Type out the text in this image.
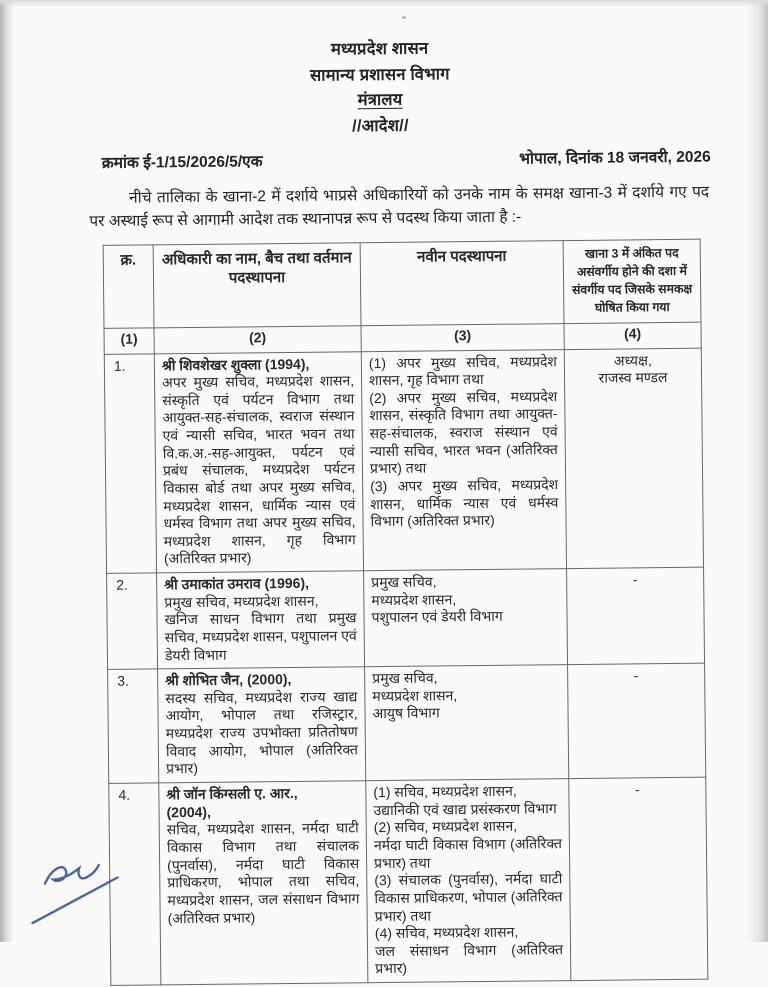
मध्यप्रदेश शासन
सामान्य प्रशासन विभाग
मंत्रालय
//आदेश//
क्रमांक ई-1/15/2026/5/एक	भोपाल, दिनांक 18 जनवरी, 2026
नीचे तालिका के खाना-2 में दर्शाये भाप्रसे अधिकारियों को उनके नाम के समक्ष खाना-3 में दर्शाये गए पद पर अस्थाई रूप से आगामी आदेश तक स्थानापन्न रूप से पदस्थ किया जाता है :-
क्र.	अधिकारी का नाम, बैच तथा वर्तमान पदस्थापना	नवीन पदस्थापना	खाना 3 में अंकित पद असंवर्गीय होने की दशा में संवर्गीय पद जिसके समकक्ष घोषित किया गया
(1)	(2)	(3)	(4)
1.	श्री शिवशेखर शुक्ला (1994),
अपर मुख्य सचिव, मध्यप्रदेश शासन, संस्कृति एवं पर्यटन विभाग तथा आयुक्त-सह-संचालक, स्वराज संस्थान एवं न्यासी सचिव, भारत भवन तथा वि.क.अ.-सह-आयुक्त, पर्यटन एवं प्रबंध संचालक, मध्यप्रदेश पर्यटन विकास बोर्ड तथा अपर मुख्य सचिव, मध्यप्रदेश शासन, धार्मिक न्यास एवं धर्मस्व विभाग तथा अपर मुख्य सचिव, मध्यप्रदेश शासन, गृह विभाग (अतिरिक्त प्रभार)
	(1) अपर मुख्य सचिव, मध्यप्रदेश शासन, गृह विभाग तथा
(2) अपर मुख्य सचिव, मध्यप्रदेश शासन, संस्कृति विभाग तथा आयुक्त-सह-संचालक, स्वराज संस्थान एवं न्यासी सचिव, भारत भवन (अतिरिक्त प्रभार) तथा
(3) अपर मुख्य सचिव, मध्यप्रदेश शासन, धार्मिक न्यास एवं धर्मस्व विभाग (अतिरिक्त प्रभार)	अध्यक्ष,
राजस्व मण्डल
2.	श्री उमाकांत उमराव (1996),
प्रमुख सचिव, मध्यप्रदेश शासन,
खनिज साधन विभाग तथा प्रमुख सचिव, मध्यप्रदेश शासन, पशुपालन एवं डेयरी विभाग
	प्रमुख सचिव,
मध्यप्रदेश शासन,
पशुपालन एवं डेयरी विभाग	-
3.	श्री शोभित जैन, (2000),
सदस्य सचिव, मध्यप्रदेश राज्य खाद्य आयोग, भोपाल तथा रजिस्ट्रार, मध्यप्रदेश राज्य उपभोक्ता प्रतितोषण विवाद आयोग, भोपाल (अतिरिक्त प्रभार)
	प्रमुख सचिव,
मध्यप्रदेश शासन,
आयुष विभाग	-
4.	श्री जॉन किंग्सली ए. आर.,
(2004),
सचिव, मध्यप्रदेश शासन, नर्मदा घाटी विकास विभाग तथा संचालक (पुनर्वास), नर्मदा घाटी विकास प्राधिकरण, भोपाल तथा सचिव, मध्यप्रदेश शासन, जल संसाधन विभाग (अतिरिक्त प्रभार)
	(1) सचिव, मध्यप्रदेश शासन,
उद्यानिकी एवं खाद्य प्रसंस्करण विभाग
(2) सचिव, मध्यप्रदेश शासन,
नर्मदा घाटी विकास विभाग (अतिरिक्त प्रभार) तथा
(3) संचालक (पुनर्वास), नर्मदा घाटी विकास प्राधिकरण, भोपाल (अतिरिक्त प्रभार) तथा
(4) सचिव, मध्यप्रदेश शासन,
जल संसाधन विभाग (अतिरिक्त प्रभार)	-
